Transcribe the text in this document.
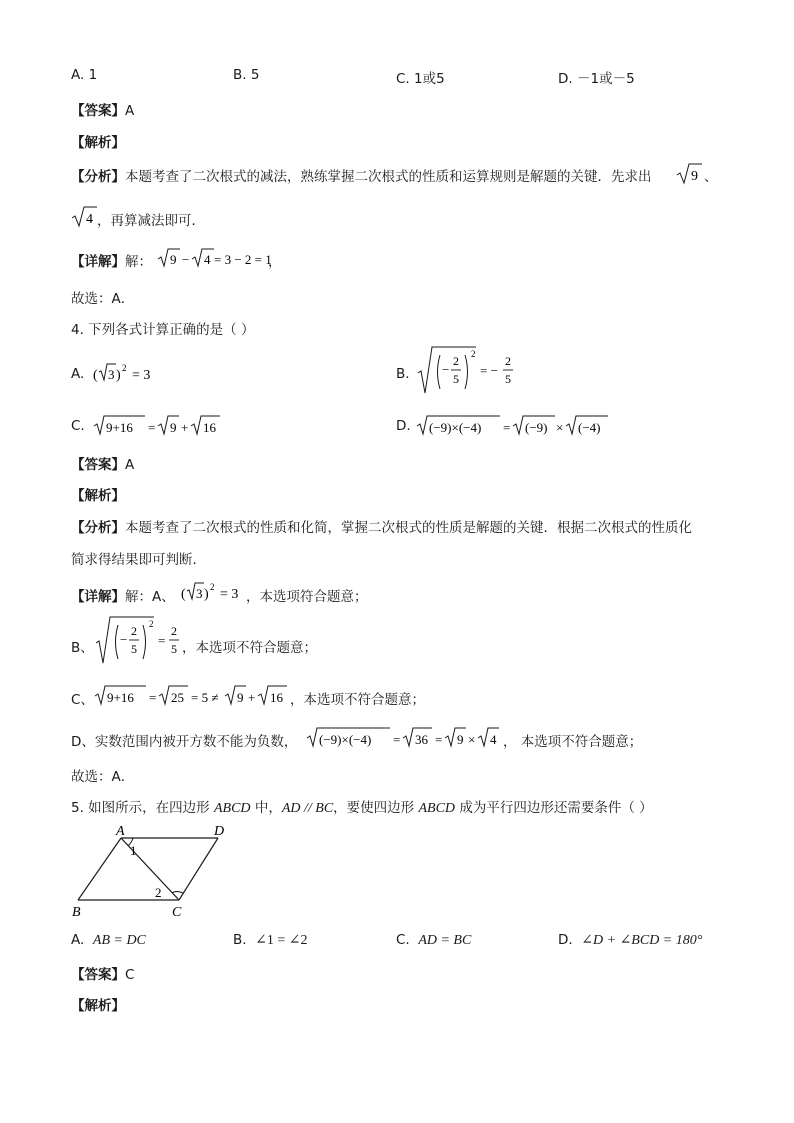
A. 1	B. 5	C. 1或5	D. －1或－5
【答案】A
【解析】
【分析】本题考查了二次根式的减法，熟练掌握二次根式的性质和运算规则是解题的关键．先求出	9 、
4 ，再算减法即可．
【详解】解： 9 − 4 = 3 − 2 = 1
，
故选：A．
4. 下列各式计算正确的是（ ）
A. ( 3 ) 2 = 3	B. −
2
5
2
= −
2
5
C. 9+16 = 9 + 16	D. (−9)×(−4) = (−9) × (−4)
【答案】A
【解析】
【分析】本题考查了二次根式的性质和化简，掌握二次根式的性质是解题的关键．根据二次根式的性质化
简求得结果即可判断．
【详解】解：A、 ( 3 ) 2 = 3 ，本选项符合题意；
B、
−
2
5
2
=
2
5 ，本选项不符合题意；
C、 9+16 = 25 = 5 ≠ 9 + 16 ，本选项不符合题意；
D、实数范围内被开方数不能为负数， (−9)×(−4) = 36 = 9 × 4 ， 本选项不符合题意；
故选：A．
5. 如图所示，在四边形 ABCD 中，AD // BC，要使四边形 ABCD 成为平行四边形还需要条件（ ）
A	D
B	C
1
2
A. AB = DC	B. ∠1 = ∠2	C. AD = BC	D. ∠D + ∠BCD = 180°
【答案】C
【解析】
